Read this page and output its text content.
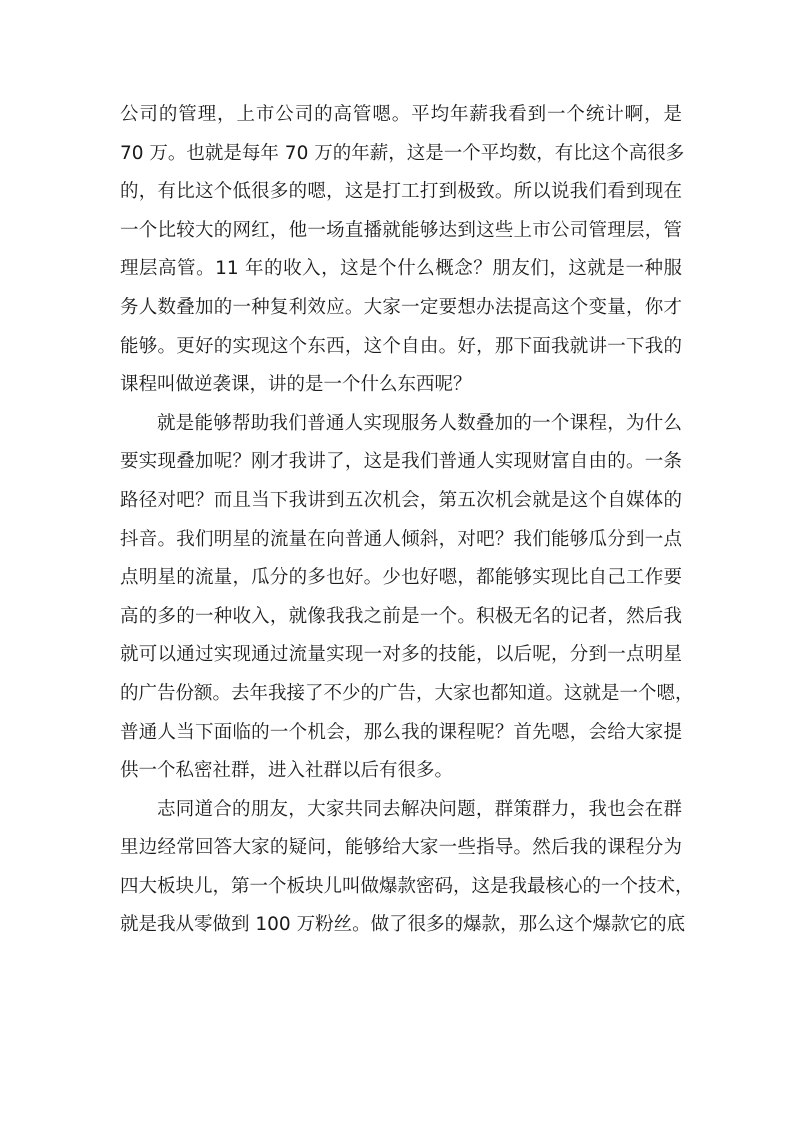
公司的管理，上市公司的高管嗯。平均年薪我看到一个统计啊，是
70 万。也就是每年 70 万的年薪，这是一个平均数，有比这个高很多
的，有比这个低很多的嗯，这是打工打到极致。所以说我们看到现在
一个比较大的网红，他一场直播就能够达到这些上市公司管理层，管
理层高管。11 年的收入，这是个什么概念？朋友们，这就是一种服
务人数叠加的一种复利效应。大家一定要想办法提高这个变量，你才
能够。更好的实现这个东西，这个自由。好，那下面我就讲一下我的
课程叫做逆袭课，讲的是一个什么东西呢？

就是能够帮助我们普通人实现服务人数叠加的一个课程，为什么
要实现叠加呢？刚才我讲了，这是我们普通人实现财富自由的。一条
路径对吧？而且当下我讲到五次机会，第五次机会就是这个自媒体的
抖音。我们明星的流量在向普通人倾斜，对吧？我们能够瓜分到一点
点明星的流量，瓜分的多也好。少也好嗯，都能够实现比自己工作要
高的多的一种收入，就像我我之前是一个。积极无名的记者，然后我
就可以通过实现通过流量实现一对多的技能，以后呢，分到一点明星
的广告份额。去年我接了不少的广告，大家也都知道。这就是一个嗯，
普通人当下面临的一个机会，那么我的课程呢？首先嗯，会给大家提
供一个私密社群，进入社群以后有很多。

志同道合的朋友，大家共同去解决问题，群策群力，我也会在群
里边经常回答大家的疑问，能够给大家一些指导。然后我的课程分为
四大板块儿，第一个板块儿叫做爆款密码，这是我最核心的一个技术，
就是我从零做到 100 万粉丝。做了很多的爆款，那么这个爆款它的底
